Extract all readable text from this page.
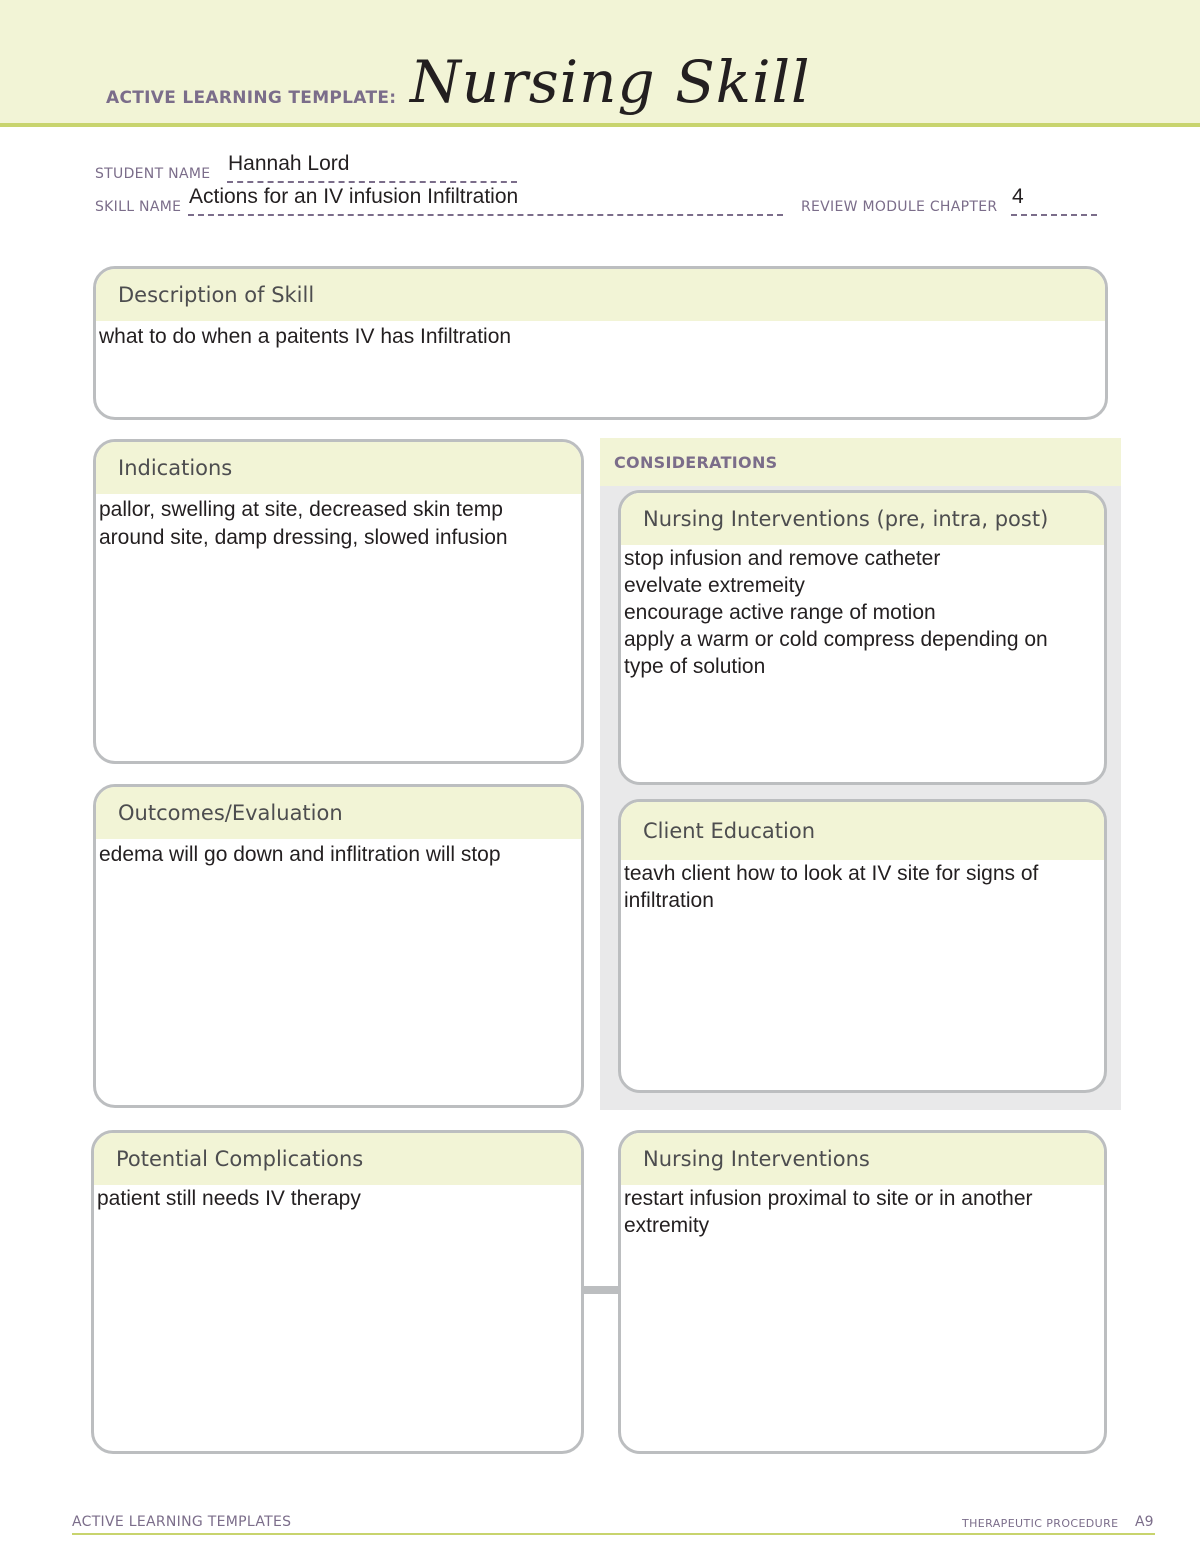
ACTIVE LEARNING TEMPLATE: Nursing Skill
STUDENT NAME Hannah Lord
SKILL NAME Actions for an IV infusion Infiltration	REVIEW MODULE CHAPTER 4
Description of Skill
what to do when a paitents IV has Infiltration
Indications
pallor, swelling at site, decreased skin temp
around site, damp dressing, slowed infusion
Outcomes/Evaluation
edema will go down and inflitration will stop
CONSIDERATIONS
Nursing Interventions (pre, intra, post)
stop infusion and remove catheter
evelvate extremeity
encourage active range of motion
apply a warm or cold compress depending on
type of solution
Client Education
teavh client how to look at IV site for signs of
infiltration
Potential Complications
patient still needs IV therapy
Nursing Interventions
restart infusion proximal to site or in another
extremity
ACTIVE LEARNING TEMPLATES	THERAPEUTIC PROCEDURE A9
